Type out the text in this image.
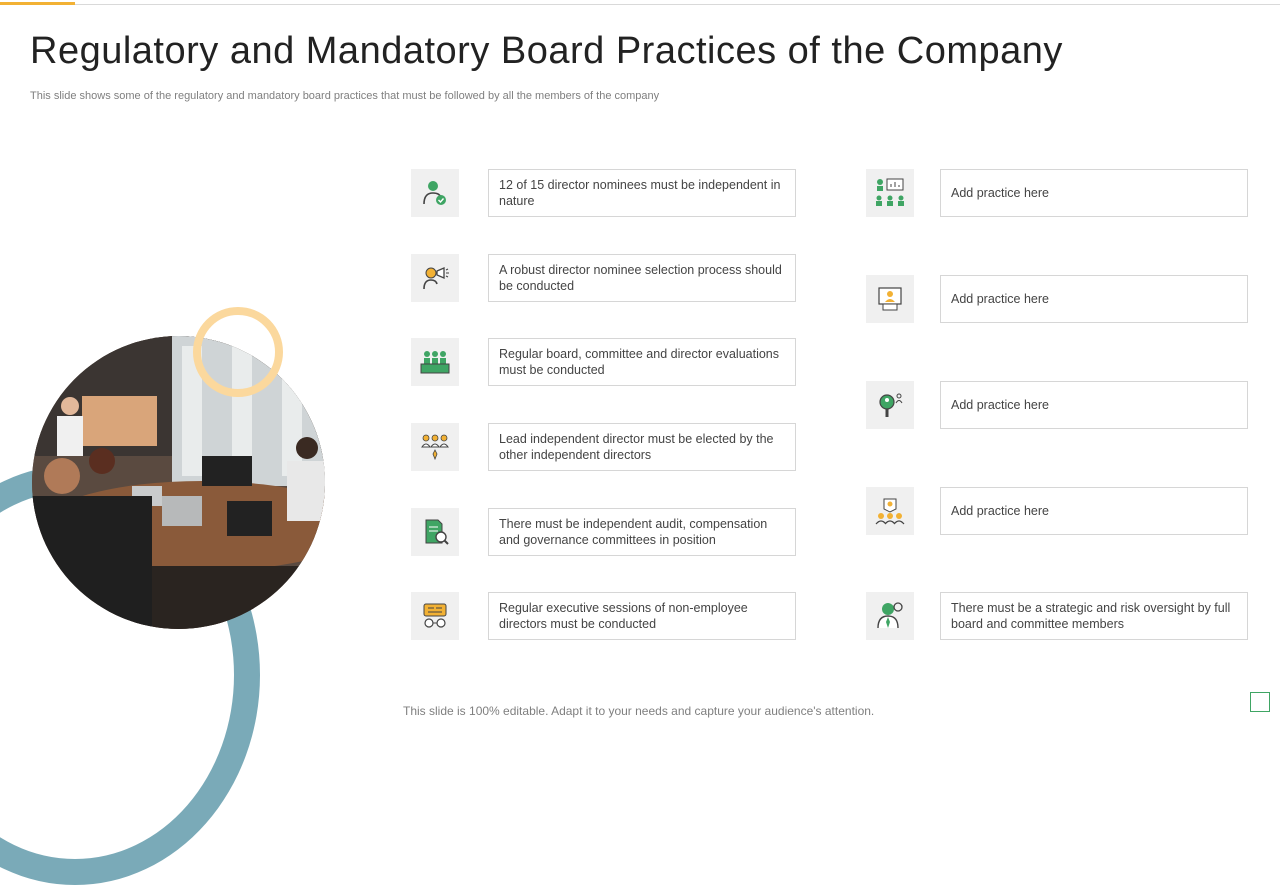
Regulatory and Mandatory Board Practices of the Company
This slide shows some of the regulatory and mandatory board practices that must be followed by all the members of the company
12 of 15 director nominees must be independent in nature
A robust director nominee selection process should be conducted
Regular board, committee and director evaluations must be conducted
Lead independent director must be elected by the other independent directors
There must be independent audit, compensation and governance committees in position
Regular executive sessions of non-employee directors must be conducted
Add practice here
Add practice here
Add practice here
Add practice here
There must be a strategic and risk oversight by full board and committee members
This slide is 100% editable. Adapt it to your needs and capture your audience's attention.
